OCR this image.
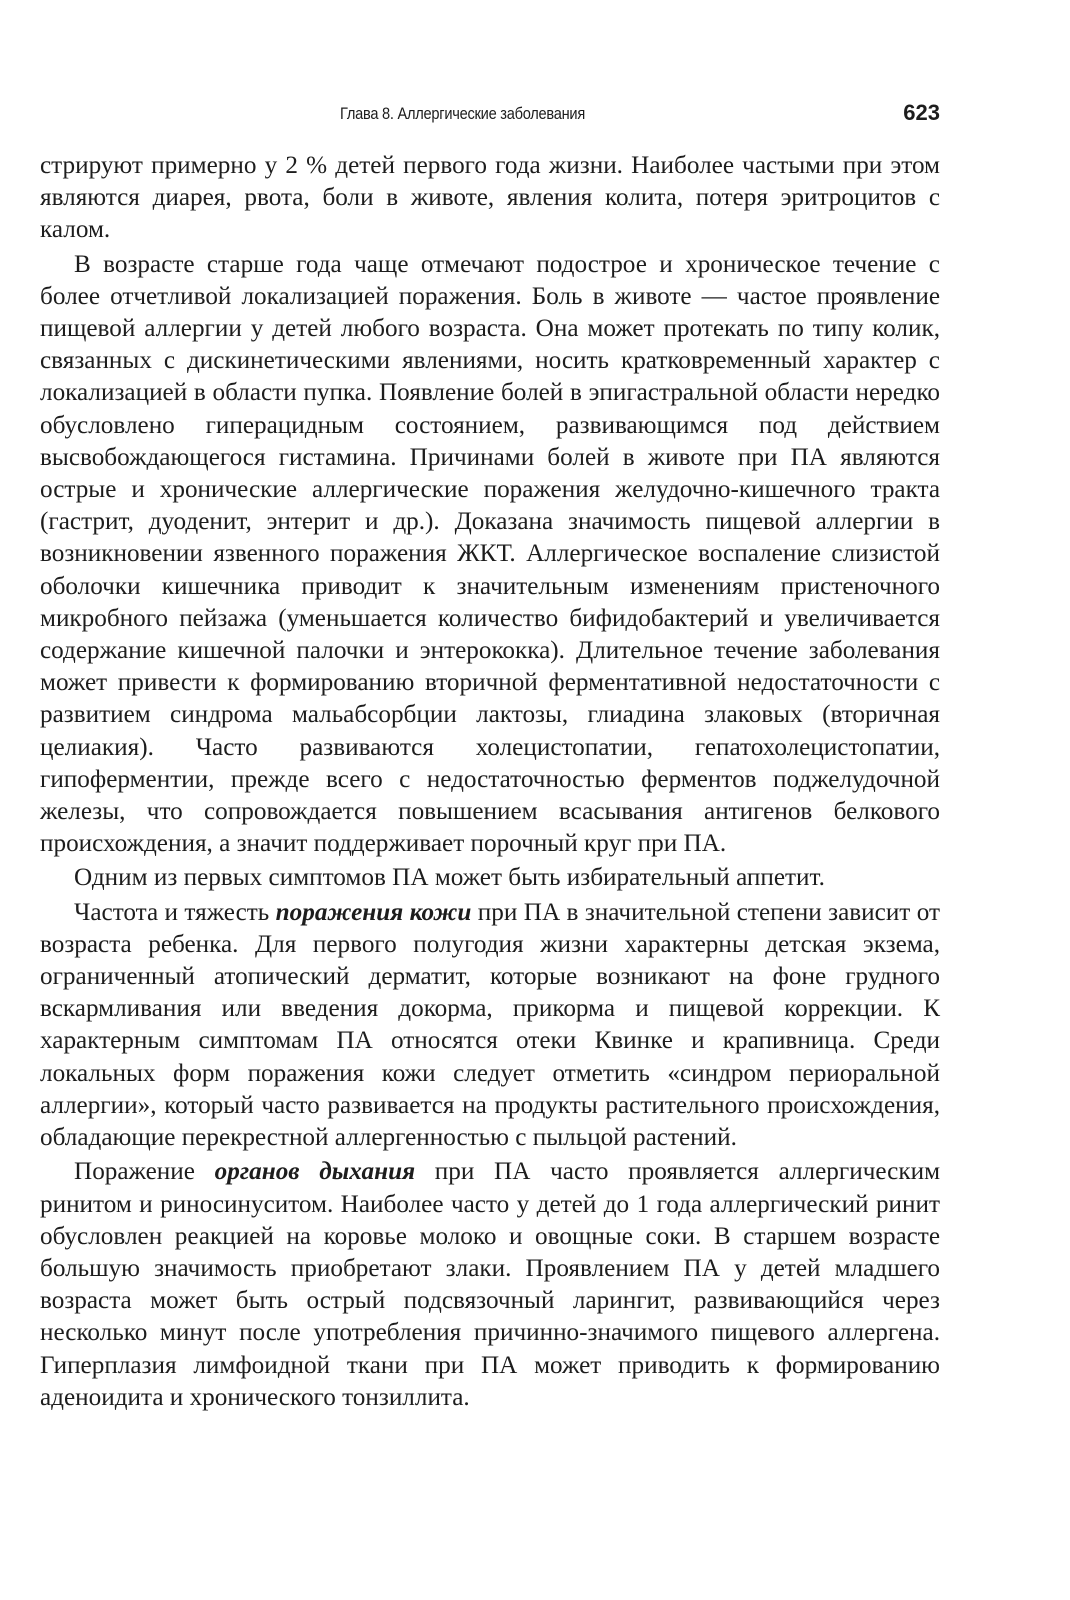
Глава 8. Аллергические заболевания	623

стрируют примерно у 2 % детей первого года жизни. Наиболее частыми при этом являются диарея, рвота, боли в животе, явления колита, потеря эритроцитов с калом.

В возрасте старше года чаще отмечают подострое и хроническое течение с более отчетливой локализацией поражения. Боль в животе — частое проявление пищевой аллергии у детей любого возраста. Она может протекать по типу колик, связанных с дискинетическими явлениями, носить кратковременный характер с локализацией в области пупка. Появление болей в эпигастральной области нередко обусловлено гиперацидным состоянием, развивающимся под действием высвобождающегося гистамина. Причинами болей в животе при ПА являются острые и хронические аллергические поражения желудочно-кишечного тракта (гастрит, дуоденит, энтерит и др.). Доказана значимость пищевой аллергии в возникновении язвенного поражения ЖКТ. Аллергическое воспаление слизистой оболочки кишечника приводит к значительным изменениям пристеночного микробного пейзажа (уменьшается количество бифидобактерий и увеличивается содержание кишечной палочки и энтерококка). Длительное течение заболевания может привести к формированию вторичной ферментативной недостаточности с развитием синдрома мальабсорбции лактозы, глиадина злаковых (вторичная целиакия). Часто развиваются холецистопатии, гепатохолецистопатии, гипоферментии, прежде всего с недостаточностью ферментов поджелудочной железы, что сопровождается повышением всасывания антигенов белкового происхождения, а значит поддерживает порочный круг при ПА.

Одним из первых симптомов ПА может быть избирательный аппетит.

Частота и тяжесть поражения кожи при ПА в значительной степени зависит от возраста ребенка. Для первого полугодия жизни характерны детская экзема, ограниченный атопический дерматит, которые возникают на фоне грудного вскармливания или введения докорма, прикорма и пищевой коррекции. К характерным симптомам ПА относятся отеки Квинке и крапивница. Среди локальных форм поражения кожи следует отметить «синдром периоральной аллергии», который часто развивается на продукты растительного происхождения, обладающие перекрестной аллергенностью с пыльцой растений.

Поражение органов дыхания при ПА часто проявляется аллергическим ринитом и риносинуситом. Наиболее часто у детей до 1 года аллергический ринит обусловлен реакцией на коровье молоко и овощные соки. В старшем возрасте большую значимость приобретают злаки. Проявлением ПА у детей младшего возраста может быть острый подсвязочный ларингит, развивающийся через несколько минут после употребления причинно-значимого пищевого аллергена. Гиперплазия лимфоидной ткани при ПА может приводить к формированию аденоидита и хронического тонзиллита.
